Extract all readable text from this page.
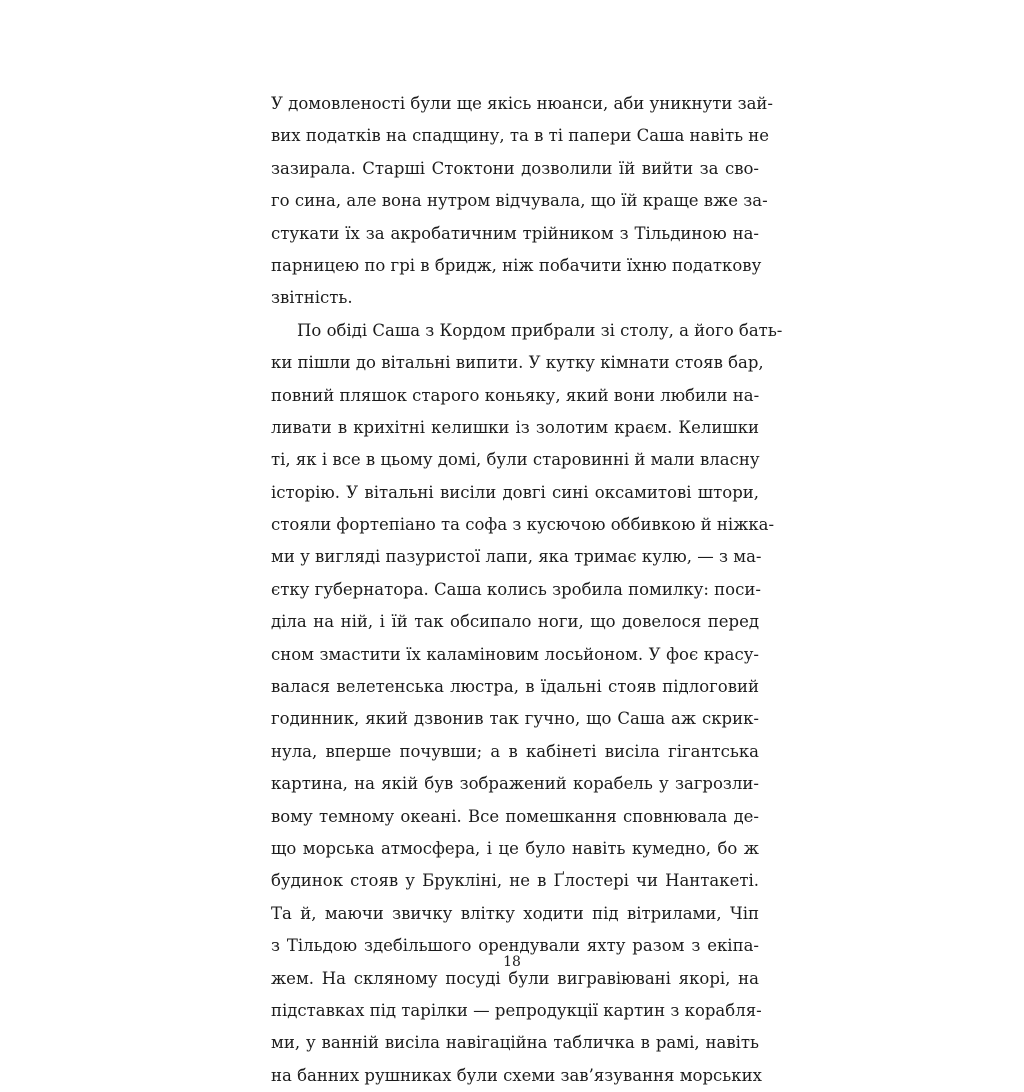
У домовленості були ще якісь нюанси, аби уникнути зай-
вих податків на спадщину, та в ті папери Саша навіть не
зазирала. Старші Стоктони дозволили їй вийти за сво-
го сина, але вона нутром відчувала, що їй краще вже за-
стукати їх за акробатичним трійником з Тільдиною на-
парницею по грі в бридж, ніж побачити їхню податкову
звітність.
По обіді Саша з Кордом прибрали зі столу, а його бать-
ки пішли до вітальні випити. У кутку кімнати стояв бар,
повний пляшок старого коньяку, який вони любили на-
ливати в крихітні келишки із золотим краєм. Келишки
ті, як і все в цьому домі, були старовинні й мали власну
історію. У вітальні висіли довгі сині оксамитові штори,
стояли фортепіано та софа з кусючою оббивкою й ніжка-
ми у вигляді пазуристої лапи, яка тримає кулю, — з ма-
єтку губернатора. Саша колись зробила помилку: поси-
діла на ній, і їй так обсипало ноги, що довелося перед
сном змастити їх каламіновим лосьйоном. У фоє красу-
валася велетенська люстра, в їдальні стояв підлоговий
годинник, який дзвонив так гучно, що Саша аж скрик-
нула, вперше почувши; а в кабінеті висіла гігантська
картина, на якій був зображений корабель у загрозли-
вому темному океані. Все помешкання сповнювала де-
що морська атмосфера, і це було навіть кумедно, бо ж
будинок стояв у Брукліні, не в Ґлостері чи Нантакеті.
Та й, маючи звичку влітку ходити під вітрилами, Чіп
з Тільдою здебільшого орендували яхту разом з екіпа-
жем. На скляному посуді були вигравіювані якорі, на
підставках під тарілки — репродукції картин з корабля-
ми, у ванній висіла навігаційна табличка в рамі, навіть
на банних рушниках були схеми зав’язування морських
18
